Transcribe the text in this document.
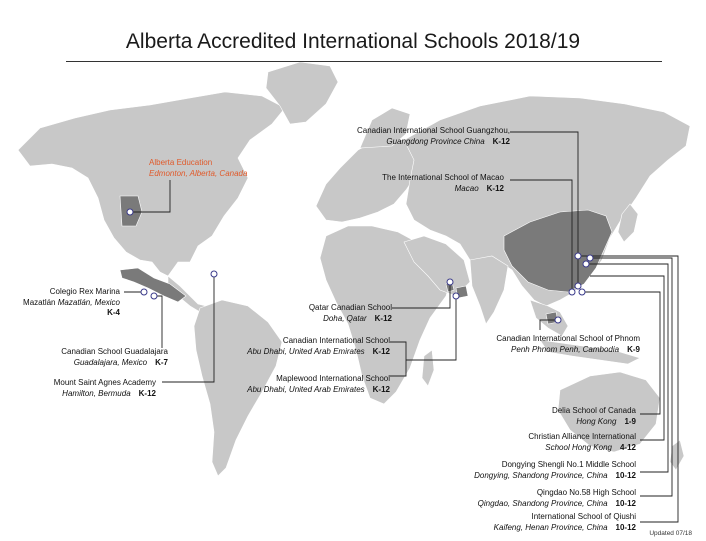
Alberta Accredited International Schools 2018/19
Alberta Education
Edmonton, Alberta, Canada
Canadian International School Guangzhou,
Guangdong Province China K-12
The International School of Macao
Macao K-12
Colegio Rex Marina
Mazatlán Mazatlán, Mexico
K-4
Qatar Canadian School
Doha, Qatar K-12
Canadian International School of Phnom
Penh Phnom Penh, Cambodia K-9
Canadian International School
Abu Dhabi, United Arab Emirates K-12
Canadian School Guadalajara
Guadalajara, Mexico K-7
Maplewood International School
Abu Dhabi, United Arab Emirates K-12
Mount Saint Agnes Academy
Hamilton, Bermuda K-12
Delia School of Canada
Hong Kong 1-9
Christian Alliance International
School Hong Kong 4-12
Dongying Shengli No.1 Middle School
Dongying, Shandong Province, China 10-12
Qingdao No.58 High School
Qingdao, Shandong Province, China 10-12
International School of Qiushi
Kaifeng, Henan Province, China 10-12
Updated 07/18
